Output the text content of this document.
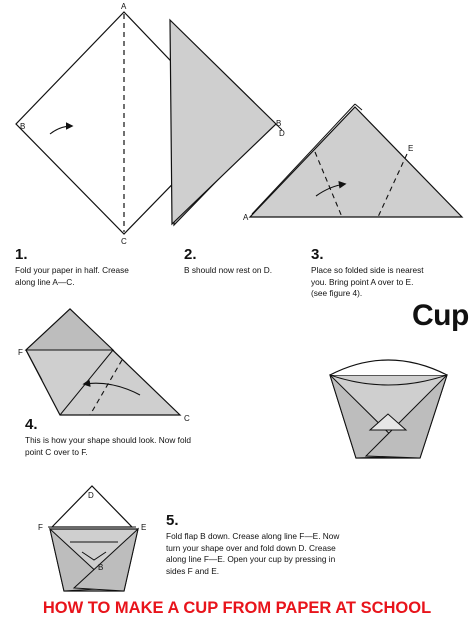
A
B
C
B
D
A
E
F
C
D
F	E
B
1.
Fold your paper in half. Crease
along line A—C.
2.
B should now rest on D.
3.
Place so folded side is nearest
you. Bring point A over to E.
(see figure 4).
4.
This is how your shape should look. Now fold
point C over to F.
5.
Fold flap B down. Crease along line F—E. Now
turn your shape over and fold down D. Crease
along line F—E. Open your cup by pressing in
sides F and E.
Cup
HOW TO MAKE A CUP FROM PAPER AT SCHOOL
